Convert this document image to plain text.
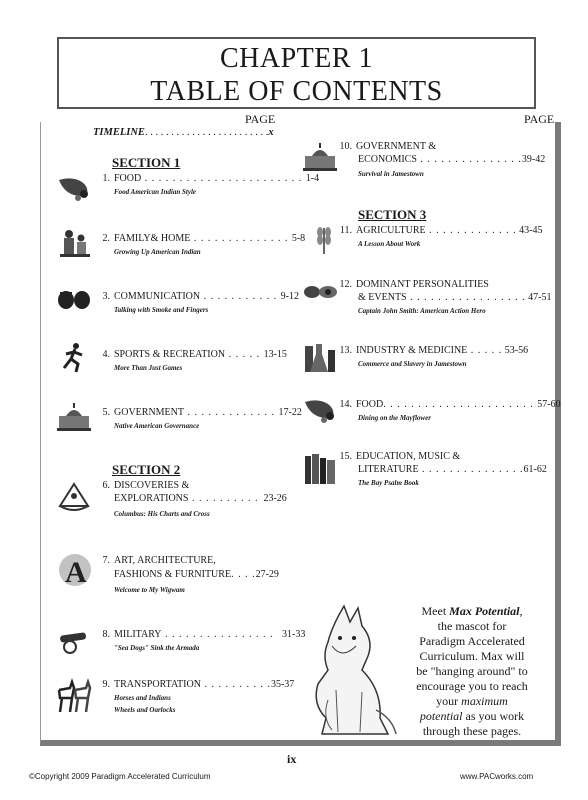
CHAPTER 1
TABLE OF CONTENTS
PAGE	PAGE
TIMELINE. . . . . . . . . . . . . . . . . . . . . . . .x
SECTION 1
SECTION 2
SECTION 3
1. FOOD . . . . . . . . . . . . . . . . . . . . . . . 1-4
Food American Indian Style
2. FAMILY& HOME . . . . . . . . . . . . . . 5-8
Growing Up American Indian
3. COMMUNICATION . . . . . . . . . . . 9-12
Talking with Smoke and Fingers
4. SPORTS & RECREATION . . . . . 13-15
More Than Just Games
5. GOVERNMENT . . . . . . . . . . . . . 17-22
Native American Governance
6. DISCOVERIES &
EXPLORATIONS . . . . . . . . . . 23-26
Columbus: His Charts and Cross
A	7. ART, ARCHITECTURE,
FASHIONS & FURNITURE. . . .27-29
Welcome to My Wigwam
8. MILITARY . . . . . . . . . . . . . . . .   31-33
"Sea Dogs" Sink the Armada
9. TRANSPORTATION . . . . . . . . . .35-37
Horses and Indians
Wheels and Oarlocks
10. GOVERNMENT &
ECONOMICS . . . . . . . . . . . . . . .39-42
Survival in Jamestown
11. AGRICULTURE . . . . . . . . . . . . . 43-45
A Lesson About Work
12. DOMINANT PERSONALITIES
& EVENTS . . . . . . . . . . . . . . . . . 47-51
Captain John Smith: American Action Hero
13. INDUSTRY & MEDICINE . . . . . 53-56
Commerce and Slavery in Jamestown
14. FOOD. . . . . . . . . . . . . . . . . . . . . . 57-60
Dining on the Mayflower
15. EDUCATION, MUSIC &
LITERATURE . . . . . . . . . . . . . . .61-62
The Bay Psalm Book
Meet Max Potential,
the mascot for
Paradigm Accelerated
Curriculum. Max will
be "hanging around" to
encourage you to reach
your maximum
potential as you work
through these pages.
ix
©Copyright 2009 Paradigm Accelerated Curriculum	www.PACworks.com
